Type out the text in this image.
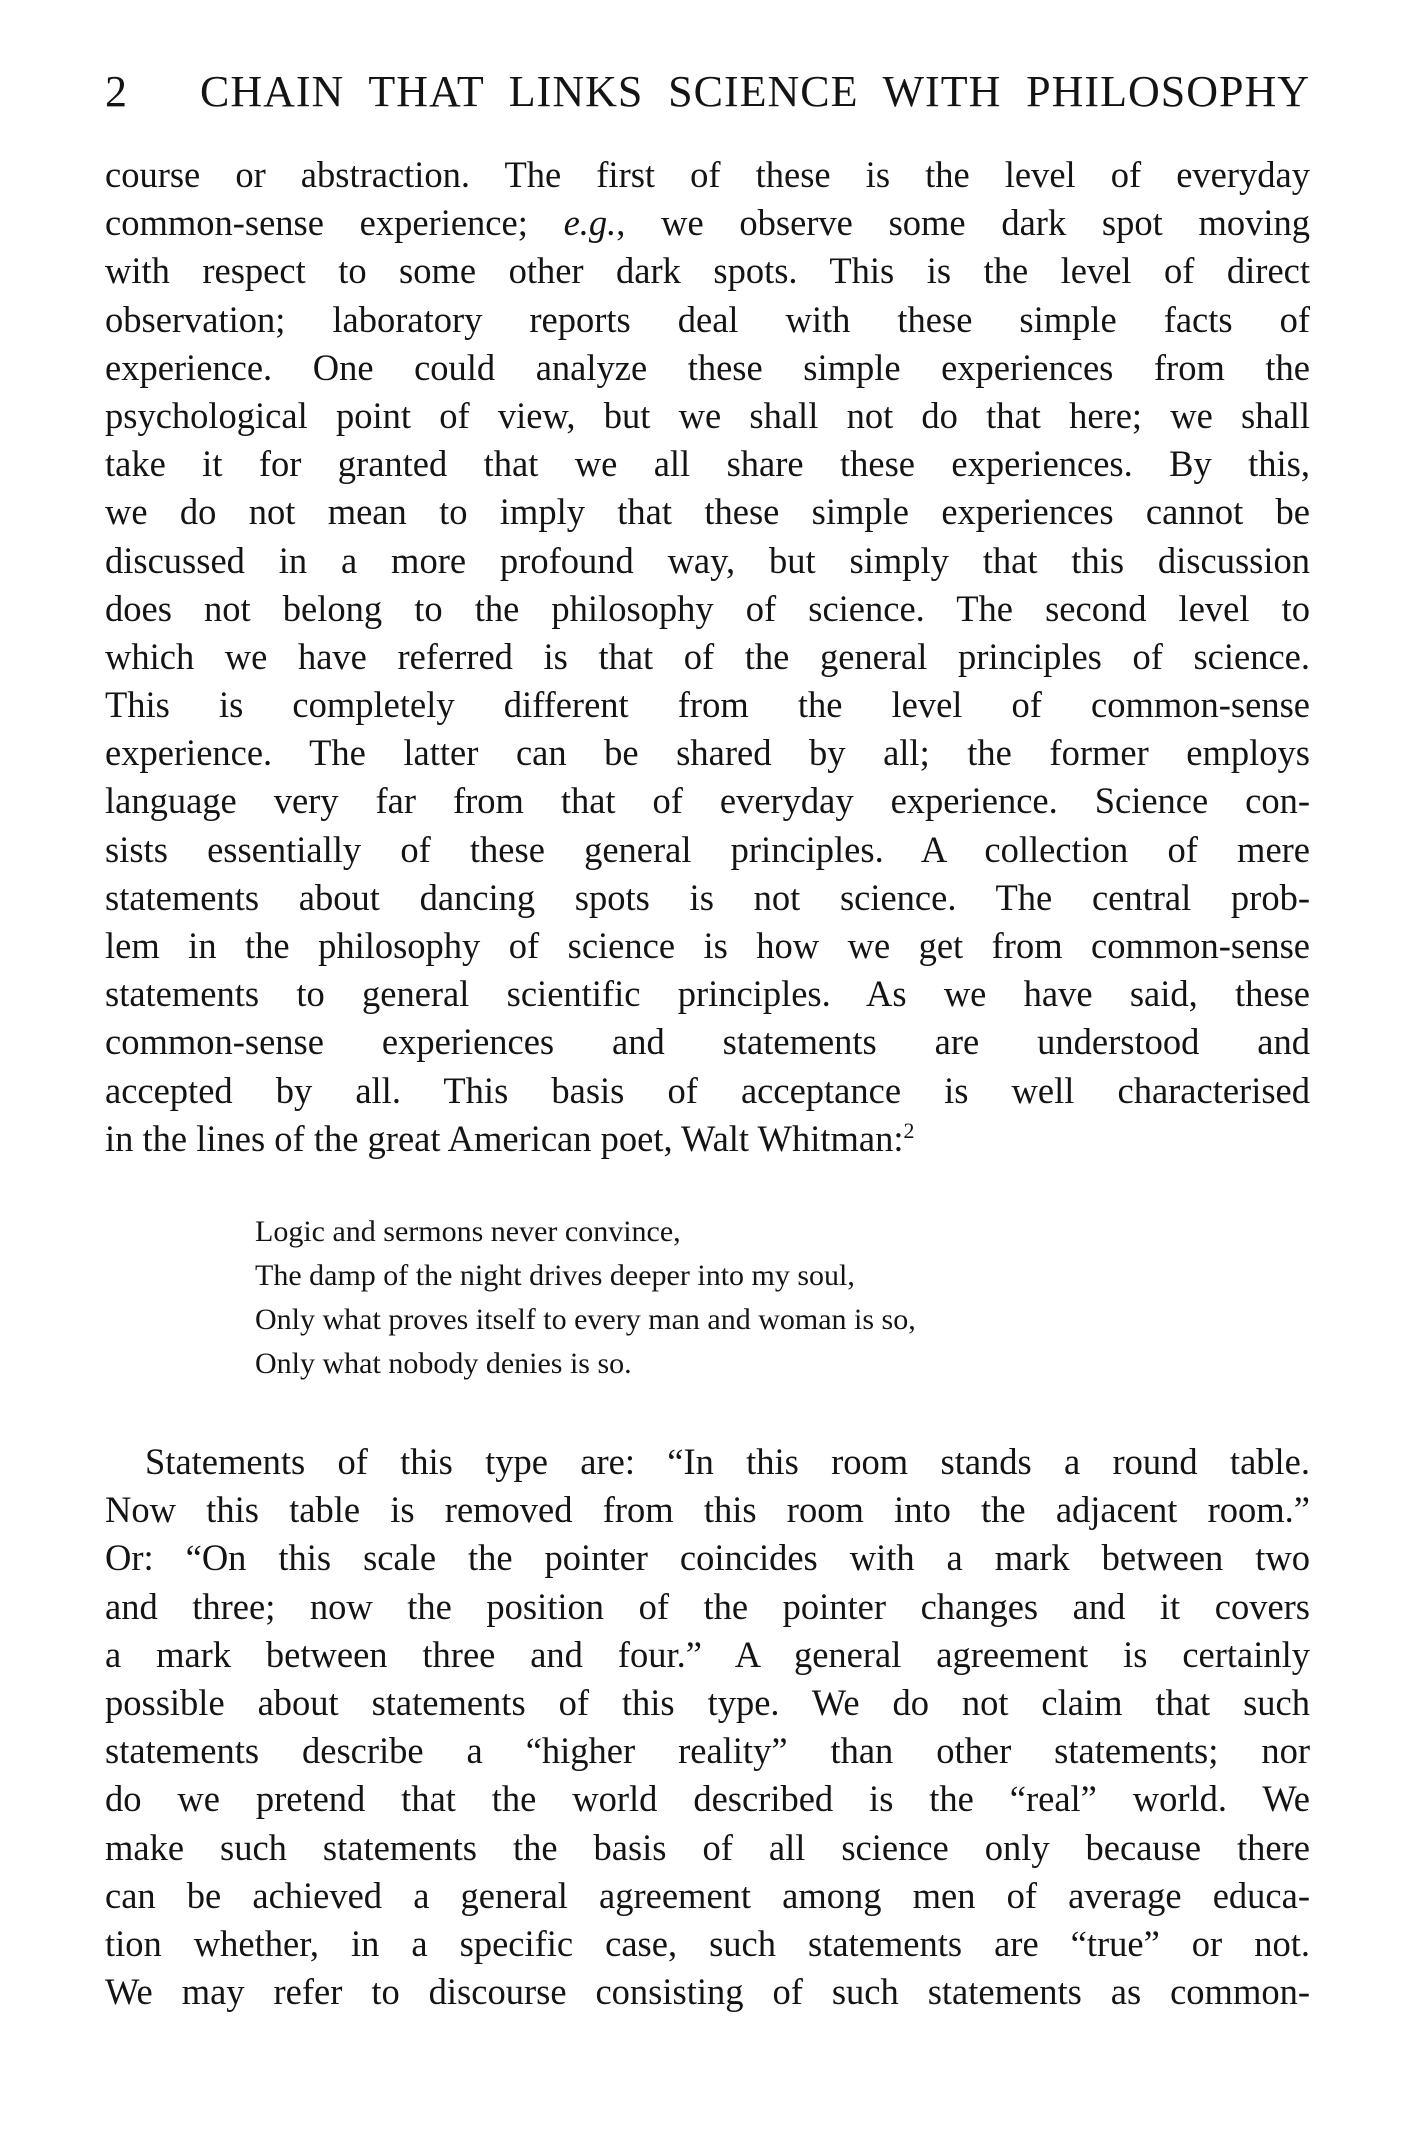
2 CHAIN THAT LINKS SCIENCE WITH PHILOSOPHY
course or abstraction. The first of these is the level of everyday
common-sense experience; e.g., we observe some dark spot moving
with respect to some other dark spots. This is the level of direct
observation; laboratory reports deal with these simple facts of
experience. One could analyze these simple experiences from the
psychological point of view, but we shall not do that here; we shall
take it for granted that we all share these experiences. By this,
we do not mean to imply that these simple experiences cannot be
discussed in a more profound way, but simply that this discussion
does not belong to the philosophy of science. The second level to
which we have referred is that of the general principles of science.
This is completely different from the level of common-sense
experience. The latter can be shared by all; the former employs
language very far from that of everyday experience. Science con-
sists essentially of these general principles. A collection of mere
statements about dancing spots is not science. The central prob-
lem in the philosophy of science is how we get from common-sense
statements to general scientific principles. As we have said, these
common-sense experiences and statements are understood and
accepted by all. This basis of acceptance is well characterised
in the lines of the great American poet, Walt Whitman:$^2$
Logic and sermons never convince,
The damp of the night drives deeper into my soul,
Only what proves itself to every man and woman is so,
Only what nobody denies is so.
Statements of this type are: “In this room stands a round table.
Now this table is removed from this room into the adjacent room.”
Or: “On this scale the pointer coincides with a mark between two
and three; now the position of the pointer changes and it covers
a mark between three and four.” A general agreement is certainly
possible about statements of this type. We do not claim that such
statements describe a “higher reality” than other statements; nor
do we pretend that the world described is the “real” world. We
make such statements the basis of all science only because there
can be achieved a general agreement among men of average educa-
tion whether, in a specific case, such statements are “true” or not.
We may refer to discourse consisting of such statements as common-
